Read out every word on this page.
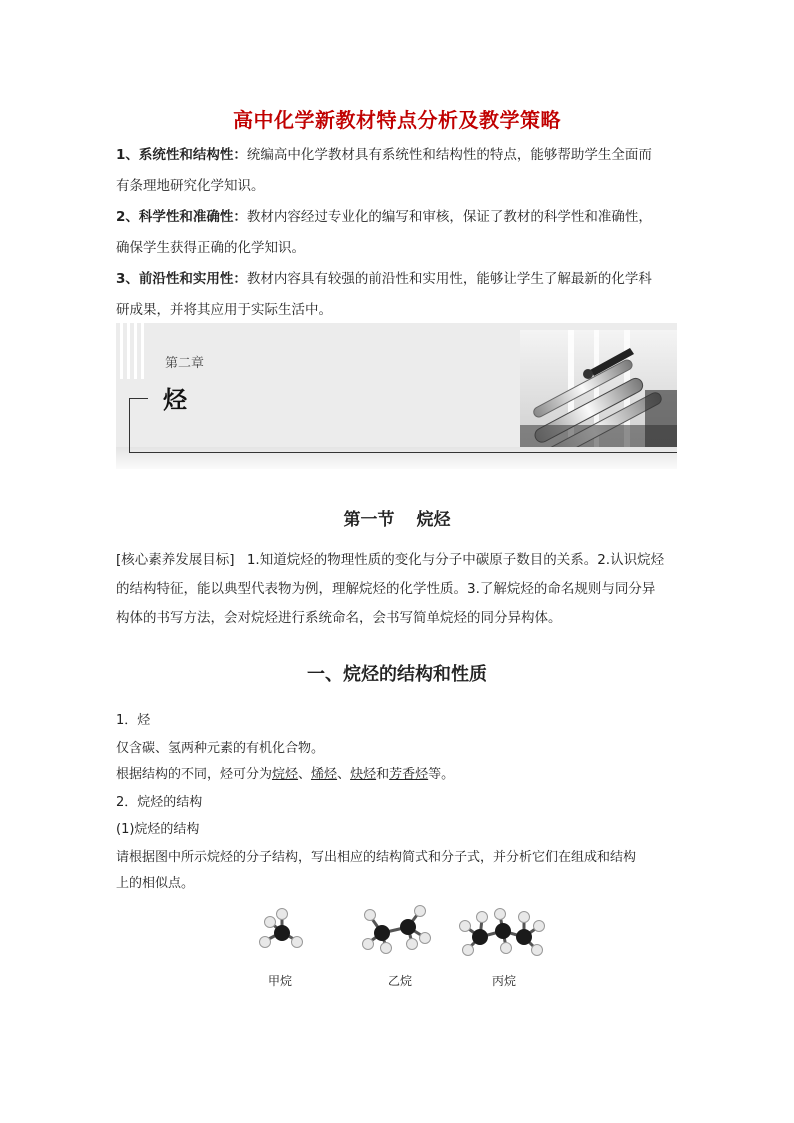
高中化学新教材特点分析及教学策略
1、系统性和结构性：统编高中化学教材具有系统性和结构性的特点，能够帮助学生全面而
有条理地研究化学知识。
2、科学性和准确性：教材内容经过专业化的编写和审核，保证了教材的科学性和准确性，
确保学生获得正确的化学知识。
3、前沿性和实用性：教材内容具有较强的前沿性和实用性，能够让学生了解最新的化学科
研成果，并将其应用于实际生活中。
第二章
烃
第一节 烷烃
[核心素养发展目标] 1.知道烷烃的物理性质的变化与分子中碳原子数目的关系。2.认识烷烃
的结构特征，能以典型代表物为例，理解烷烃的化学性质。3.了解烷烃的命名规则与同分异
构体的书写方法，会对烷烃进行系统命名，会书写简单烷烃的同分异构体。
一、烷烃的结构和性质
1．烃
仅含碳、氢两种元素的有机化合物。
根据结构的不同，烃可分为烷烃、烯烃、炔烃和芳香烃等。
2．烷烃的结构
(1)烷烃的结构
请根据图中所示烷烃的分子结构，写出相应的结构简式和分子式，并分析它们在组成和结构
上的相似点。
甲烷	乙烷	丙烷
